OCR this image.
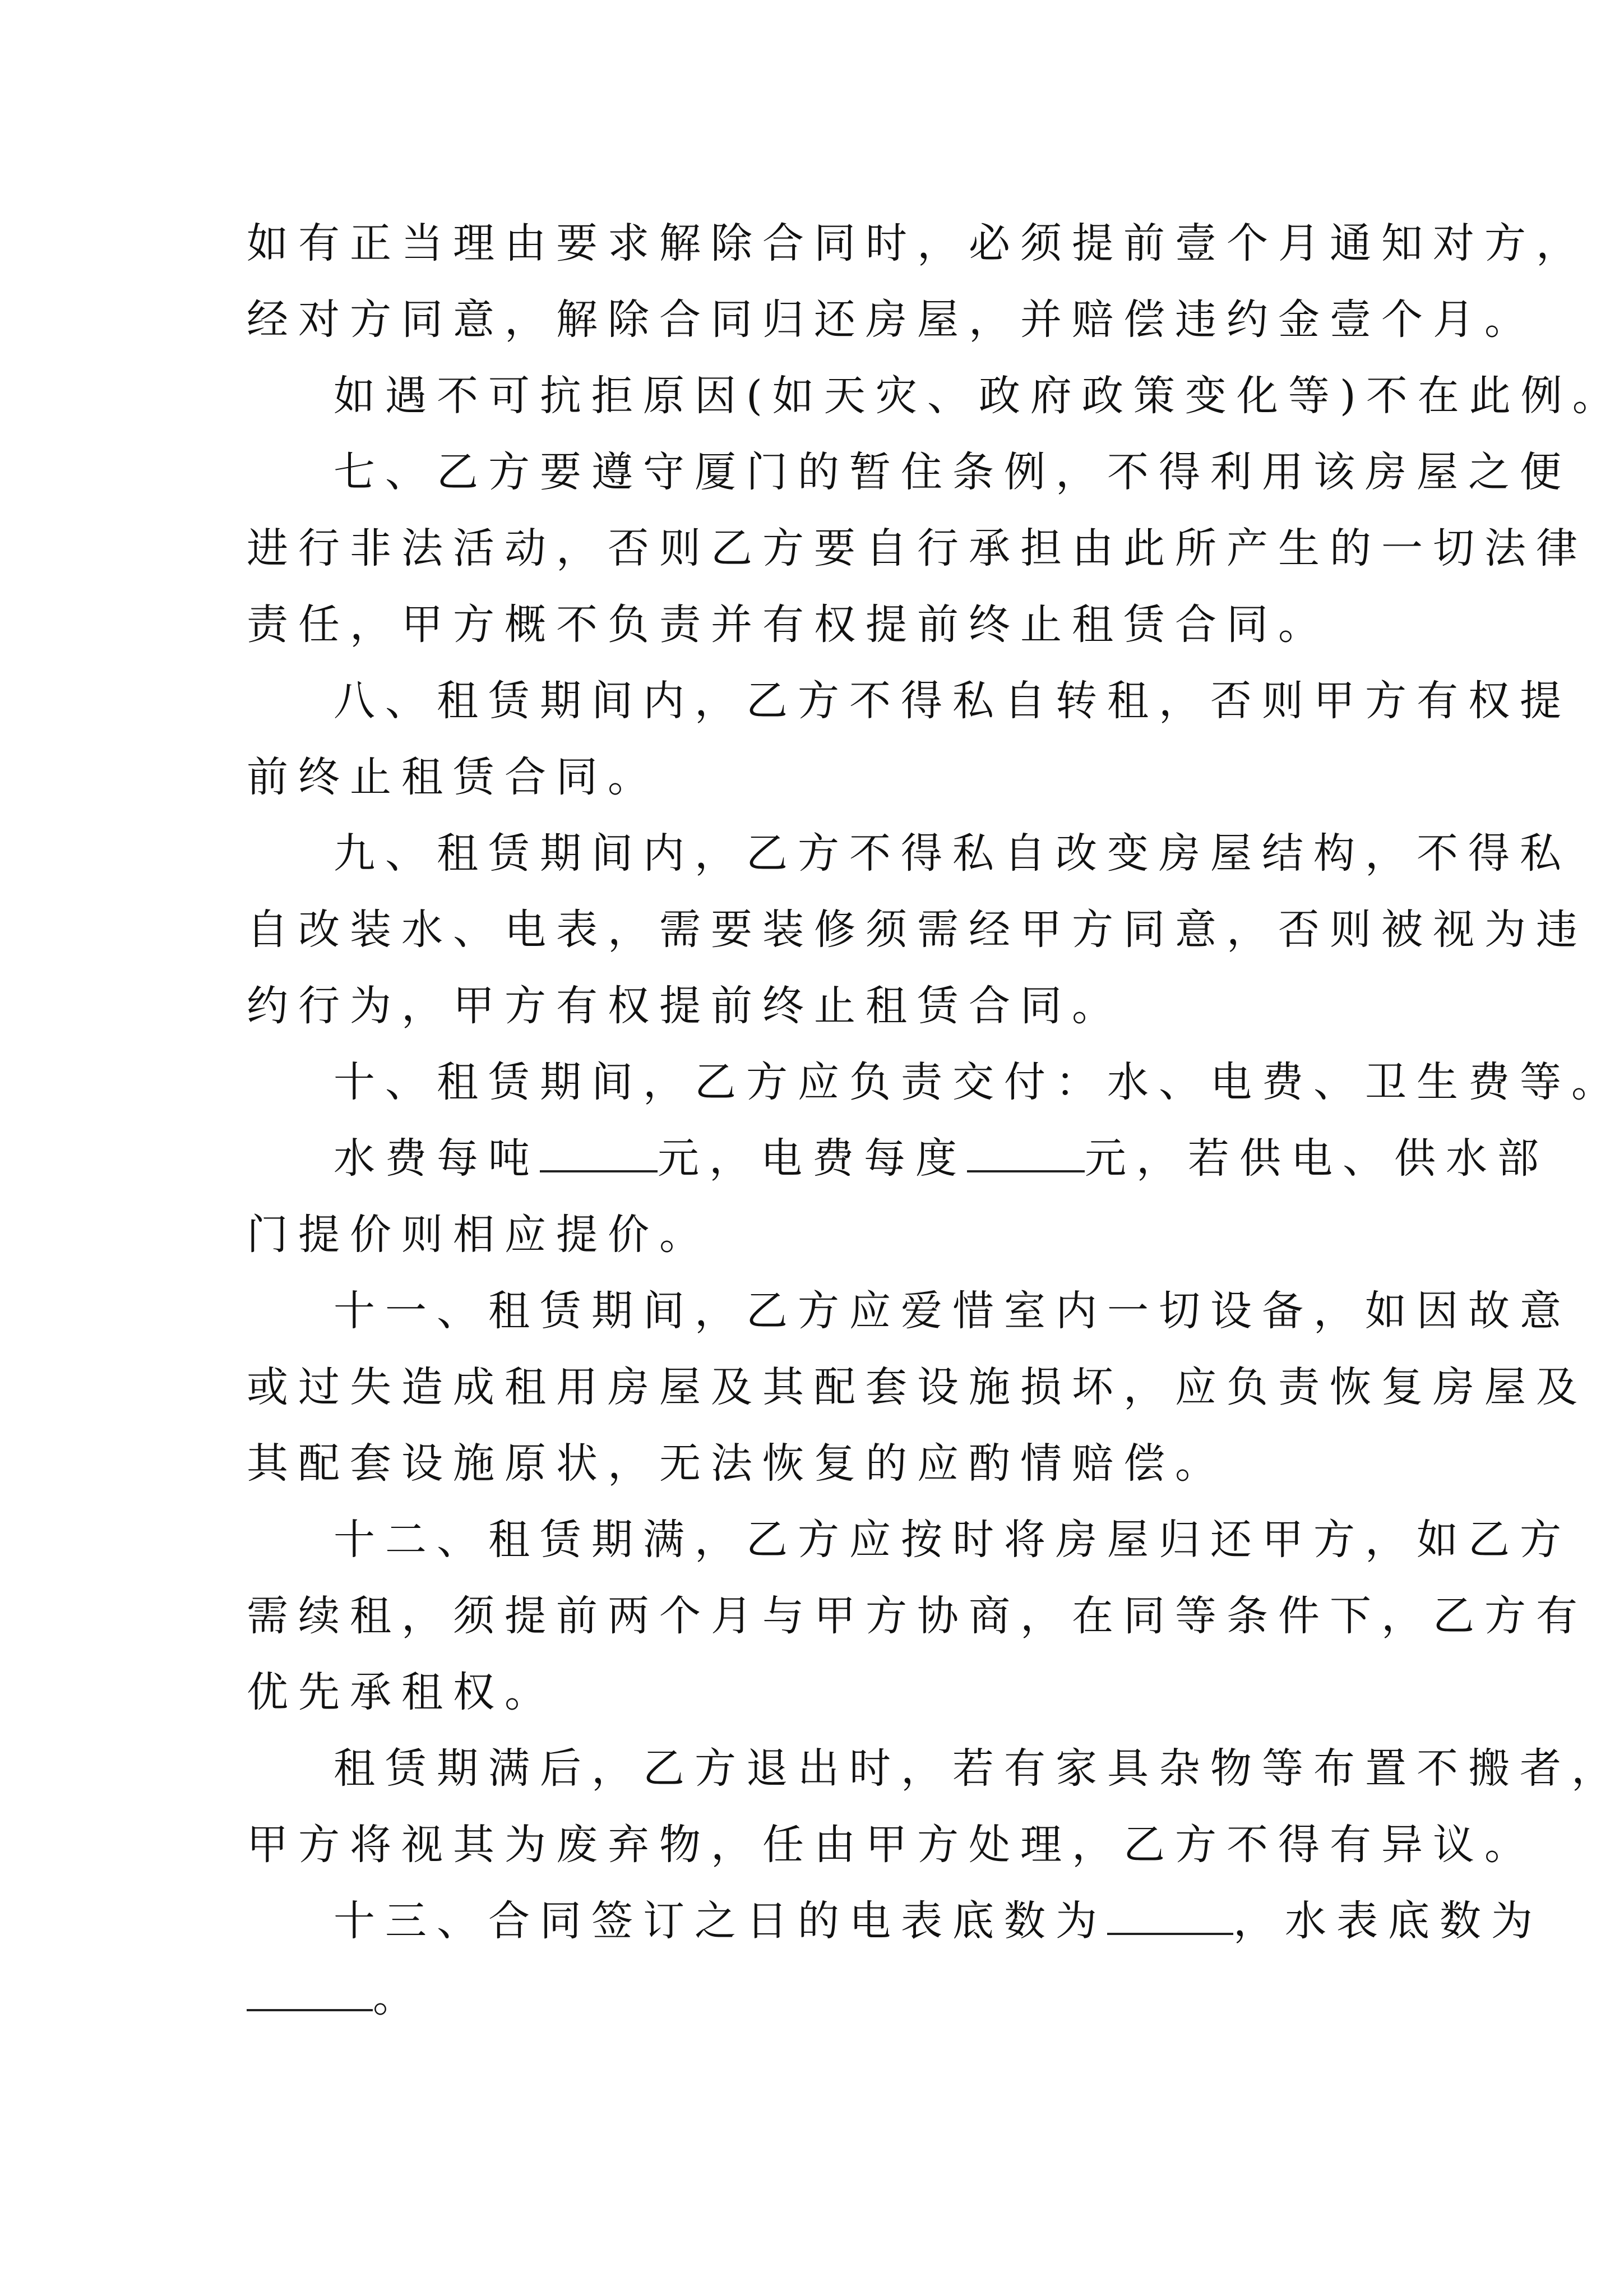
如有正当理由要求解除合同时，必须提前壹个月通知对方，
经对方同意，解除合同归还房屋，并赔偿违约金壹个月。
如遇不可抗拒原因(如天灾、政府政策变化等)不在此例。
七、乙方要遵守厦门的暂住条例，不得利用该房屋之便
进行非法活动，否则乙方要自行承担由此所产生的一切法律
责任，甲方概不负责并有权提前终止租赁合同。
八、租赁期间内，乙方不得私自转租，否则甲方有权提
前终止租赁合同。
九、租赁期间内，乙方不得私自改变房屋结构，不得私
自改装水、电表，需要装修须需经甲方同意，否则被视为违
约行为，甲方有权提前终止租赁合同。
十、租赁期间，乙方应负责交付：水、电费、卫生费等。
水费每吨	元，电费每度	元，若供电、供水部
门提价则相应提价。
十一、租赁期间，乙方应爱惜室内一切设备，如因故意
或过失造成租用房屋及其配套设施损坏，应负责恢复房屋及
其配套设施原状，无法恢复的应酌情赔偿。
十二、租赁期满，乙方应按时将房屋归还甲方，如乙方
需续租，须提前两个月与甲方协商，在同等条件下，乙方有
优先承租权。
租赁期满后，乙方退出时，若有家具杂物等布置不搬者，
甲方将视其为废弃物，任由甲方处理，乙方不得有异议。
十三、合同签订之日的电表底数为	，水表底数为
。
